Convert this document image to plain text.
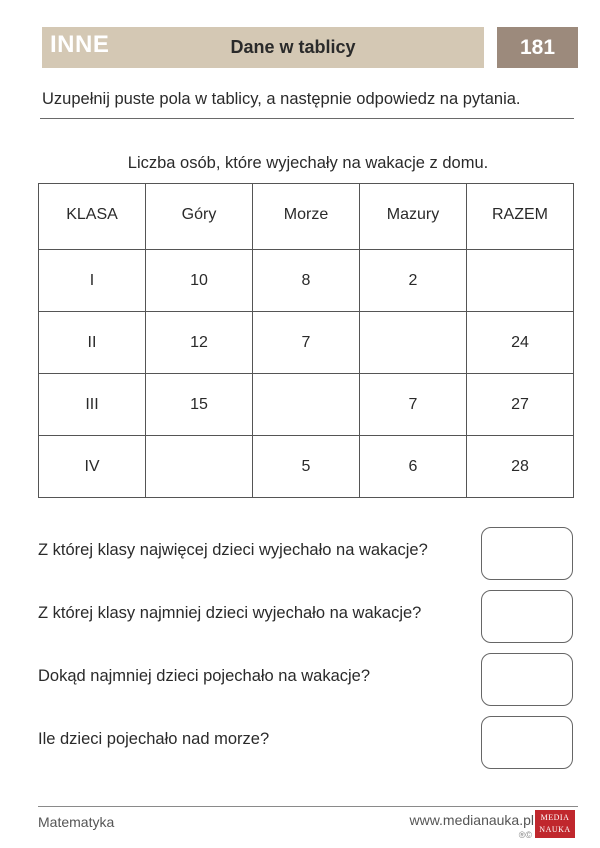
INNE	Dane w tablicy	181
Uzupełnij puste pola w tablicy, a następnie odpowiedz na pytania.
Liczba osób, które wyjechały na wakacje z domu.
KLASA	Góry	Morze	Mazury	RAZEM
I	10	8	2	
II	12	7		24
III	15		7	27
IV		5	6	28
Z której klasy najwięcej dzieci wyjechało na wakacje?
Z której klasy najmniej dzieci wyjechało na wakacje?
Dokąd najmniej dzieci pojechało na wakacje?
Ile dzieci pojechało nad morze?
Matematyka	www.medianauka.pl
®©
MEDIA
NAUKA
